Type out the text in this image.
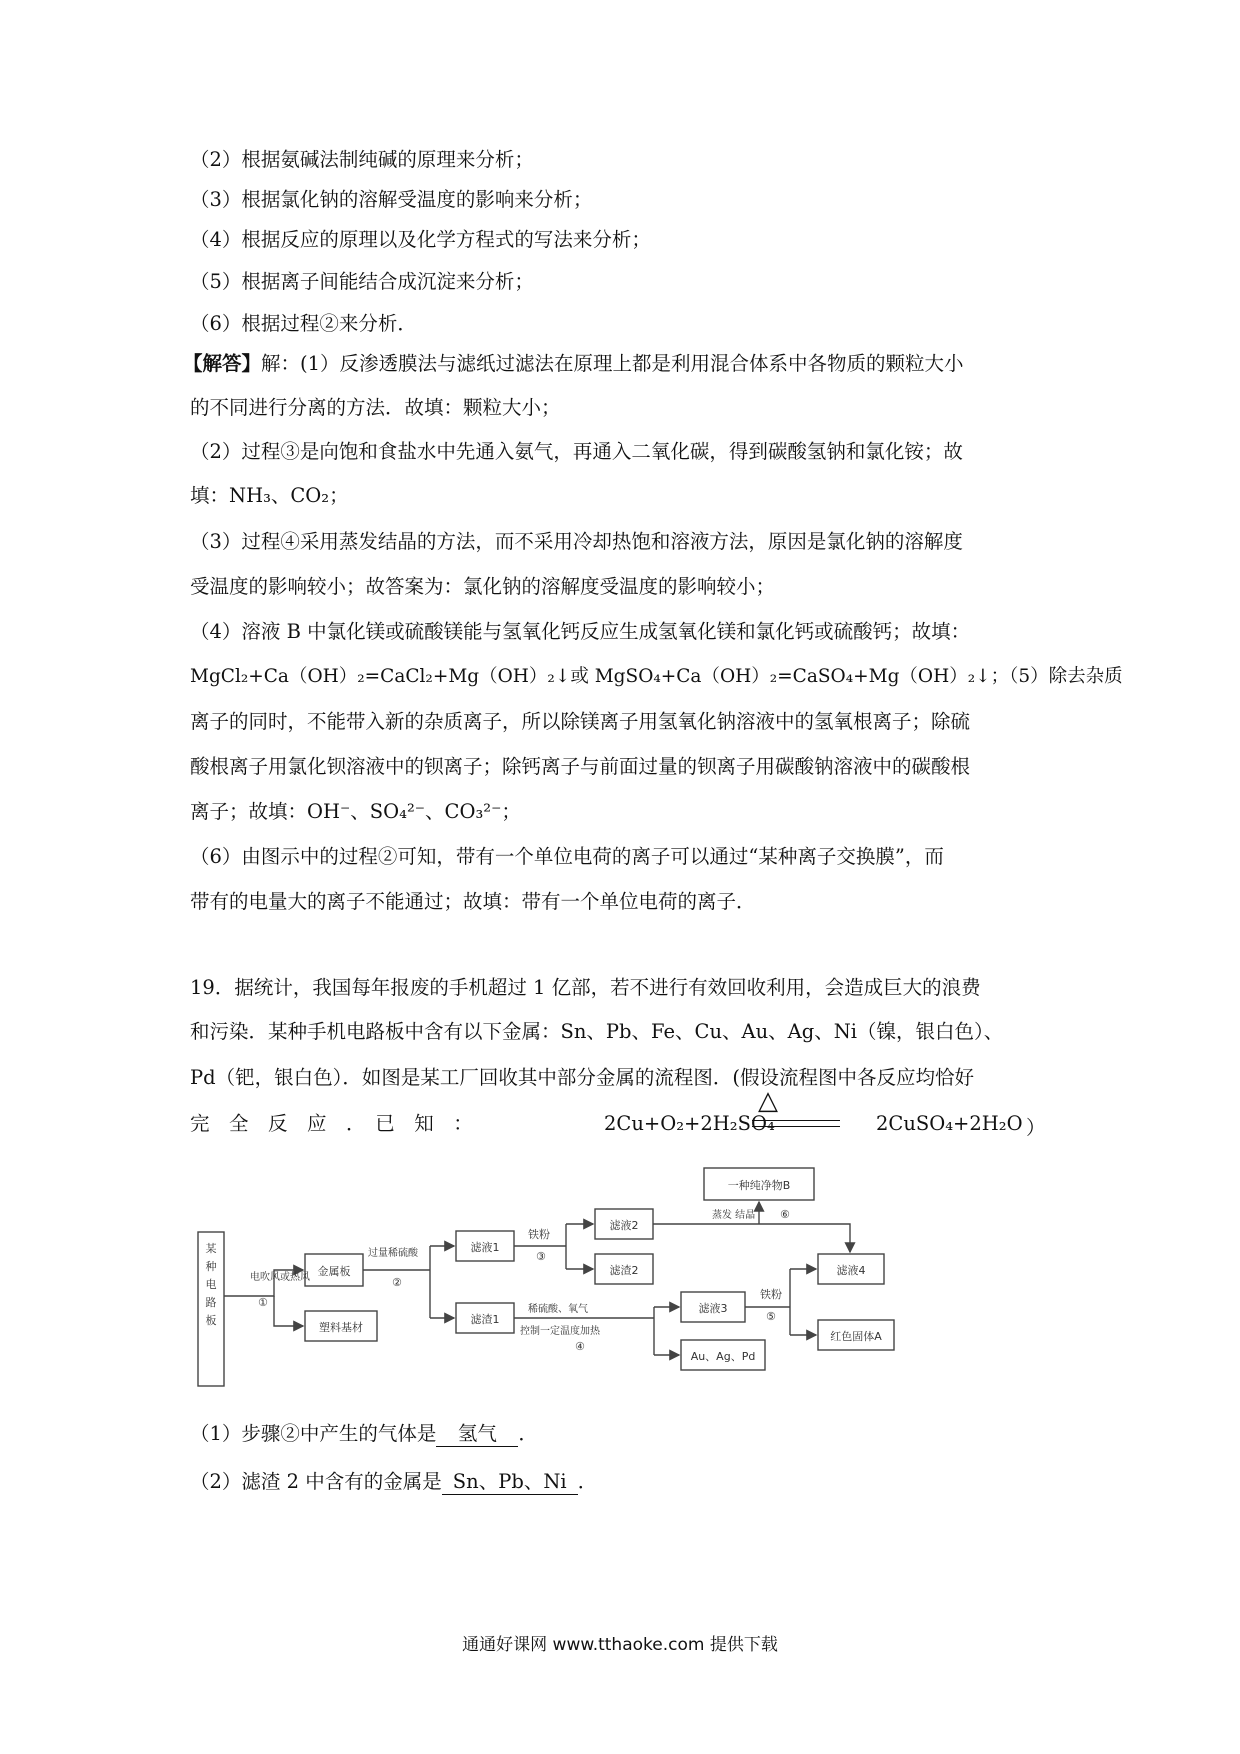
（2）根据氨碱法制纯碱的原理来分析；
（3）根据氯化钠的溶解受温度的影响来分析；
（4）根据反应的原理以及化学方程式的写法来分析；
（5）根据离子间能结合成沉淀来分析；
（6）根据过程②来分析．
【解答】解：(1）反渗透膜法与滤纸过滤法在原理上都是利用混合体系中各物质的颗粒大小
的不同进行分离的方法．故填：颗粒大小；
（2）过程③是向饱和食盐水中先通入氨气，再通入二氧化碳，得到碳酸氢钠和氯化铵；故
填：NH₃、CO₂；
（3）过程④采用蒸发结晶的方法，而不采用冷却热饱和溶液方法，原因是氯化钠的溶解度
受温度的影响较小；故答案为：氯化钠的溶解度受温度的影响较小；
（4）溶液 B 中氯化镁或硫酸镁能与氢氧化钙反应生成氢氧化镁和氯化钙或硫酸钙；故填：
MgCl₂+Ca（OH）₂=CaCl₂+Mg（OH）₂↓或 MgSO₄+Ca（OH）₂=CaSO₄+Mg（OH）₂↓；（5）除去杂质
离子的同时，不能带入新的杂质离子，所以除镁离子用氢氧化钠溶液中的氢氧根离子；除硫
酸根离子用氯化钡溶液中的钡离子；除钙离子与前面过量的钡离子用碳酸钠溶液中的碳酸根
离子；故填：OH⁻、SO₄²⁻、CO₃²⁻；
（6）由图示中的过程②可知，带有一个单位电荷的离子可以通过“某种离子交换膜”，而
带有的电量大的离子不能通过；故填：带有一个单位电荷的离子．
19．据统计，我国每年报废的手机超过 1 亿部，若不进行有效回收利用，会造成巨大的浪费
和污染．某种手机电路板中含有以下金属：Sn、Pb、Fe、Cu、Au、Ag、Ni（镍，银白色）、
Pd（钯，银白色）．如图是某工厂回收其中部分金属的流程图．(假设流程图中各反应均恰好
完　全　反　应　．　已　知　：	2Cu+O₂+2H₂SO₄
△
2CuSO₄+2H₂O ）
某
种
电
路
板
电吹风或热风
①
金属板
塑料基材
过量稀硫酸
②
滤液1
滤渣1
铁粉
③
滤液2
滤渣2
一种纯净物B
蒸发 结晶 ⑥
稀硫酸、氧气
控制一定温度加热
④
滤液3
Au、Ag、Pd
铁粉
⑤
滤液4
红色固体A
（1）步骤②中产生的气体是 氢气 ．
（2）滤渣 2 中含有的金属是 Sn、Pb、Ni ．
通通好课网 www.tthaoke.com 提供下载
